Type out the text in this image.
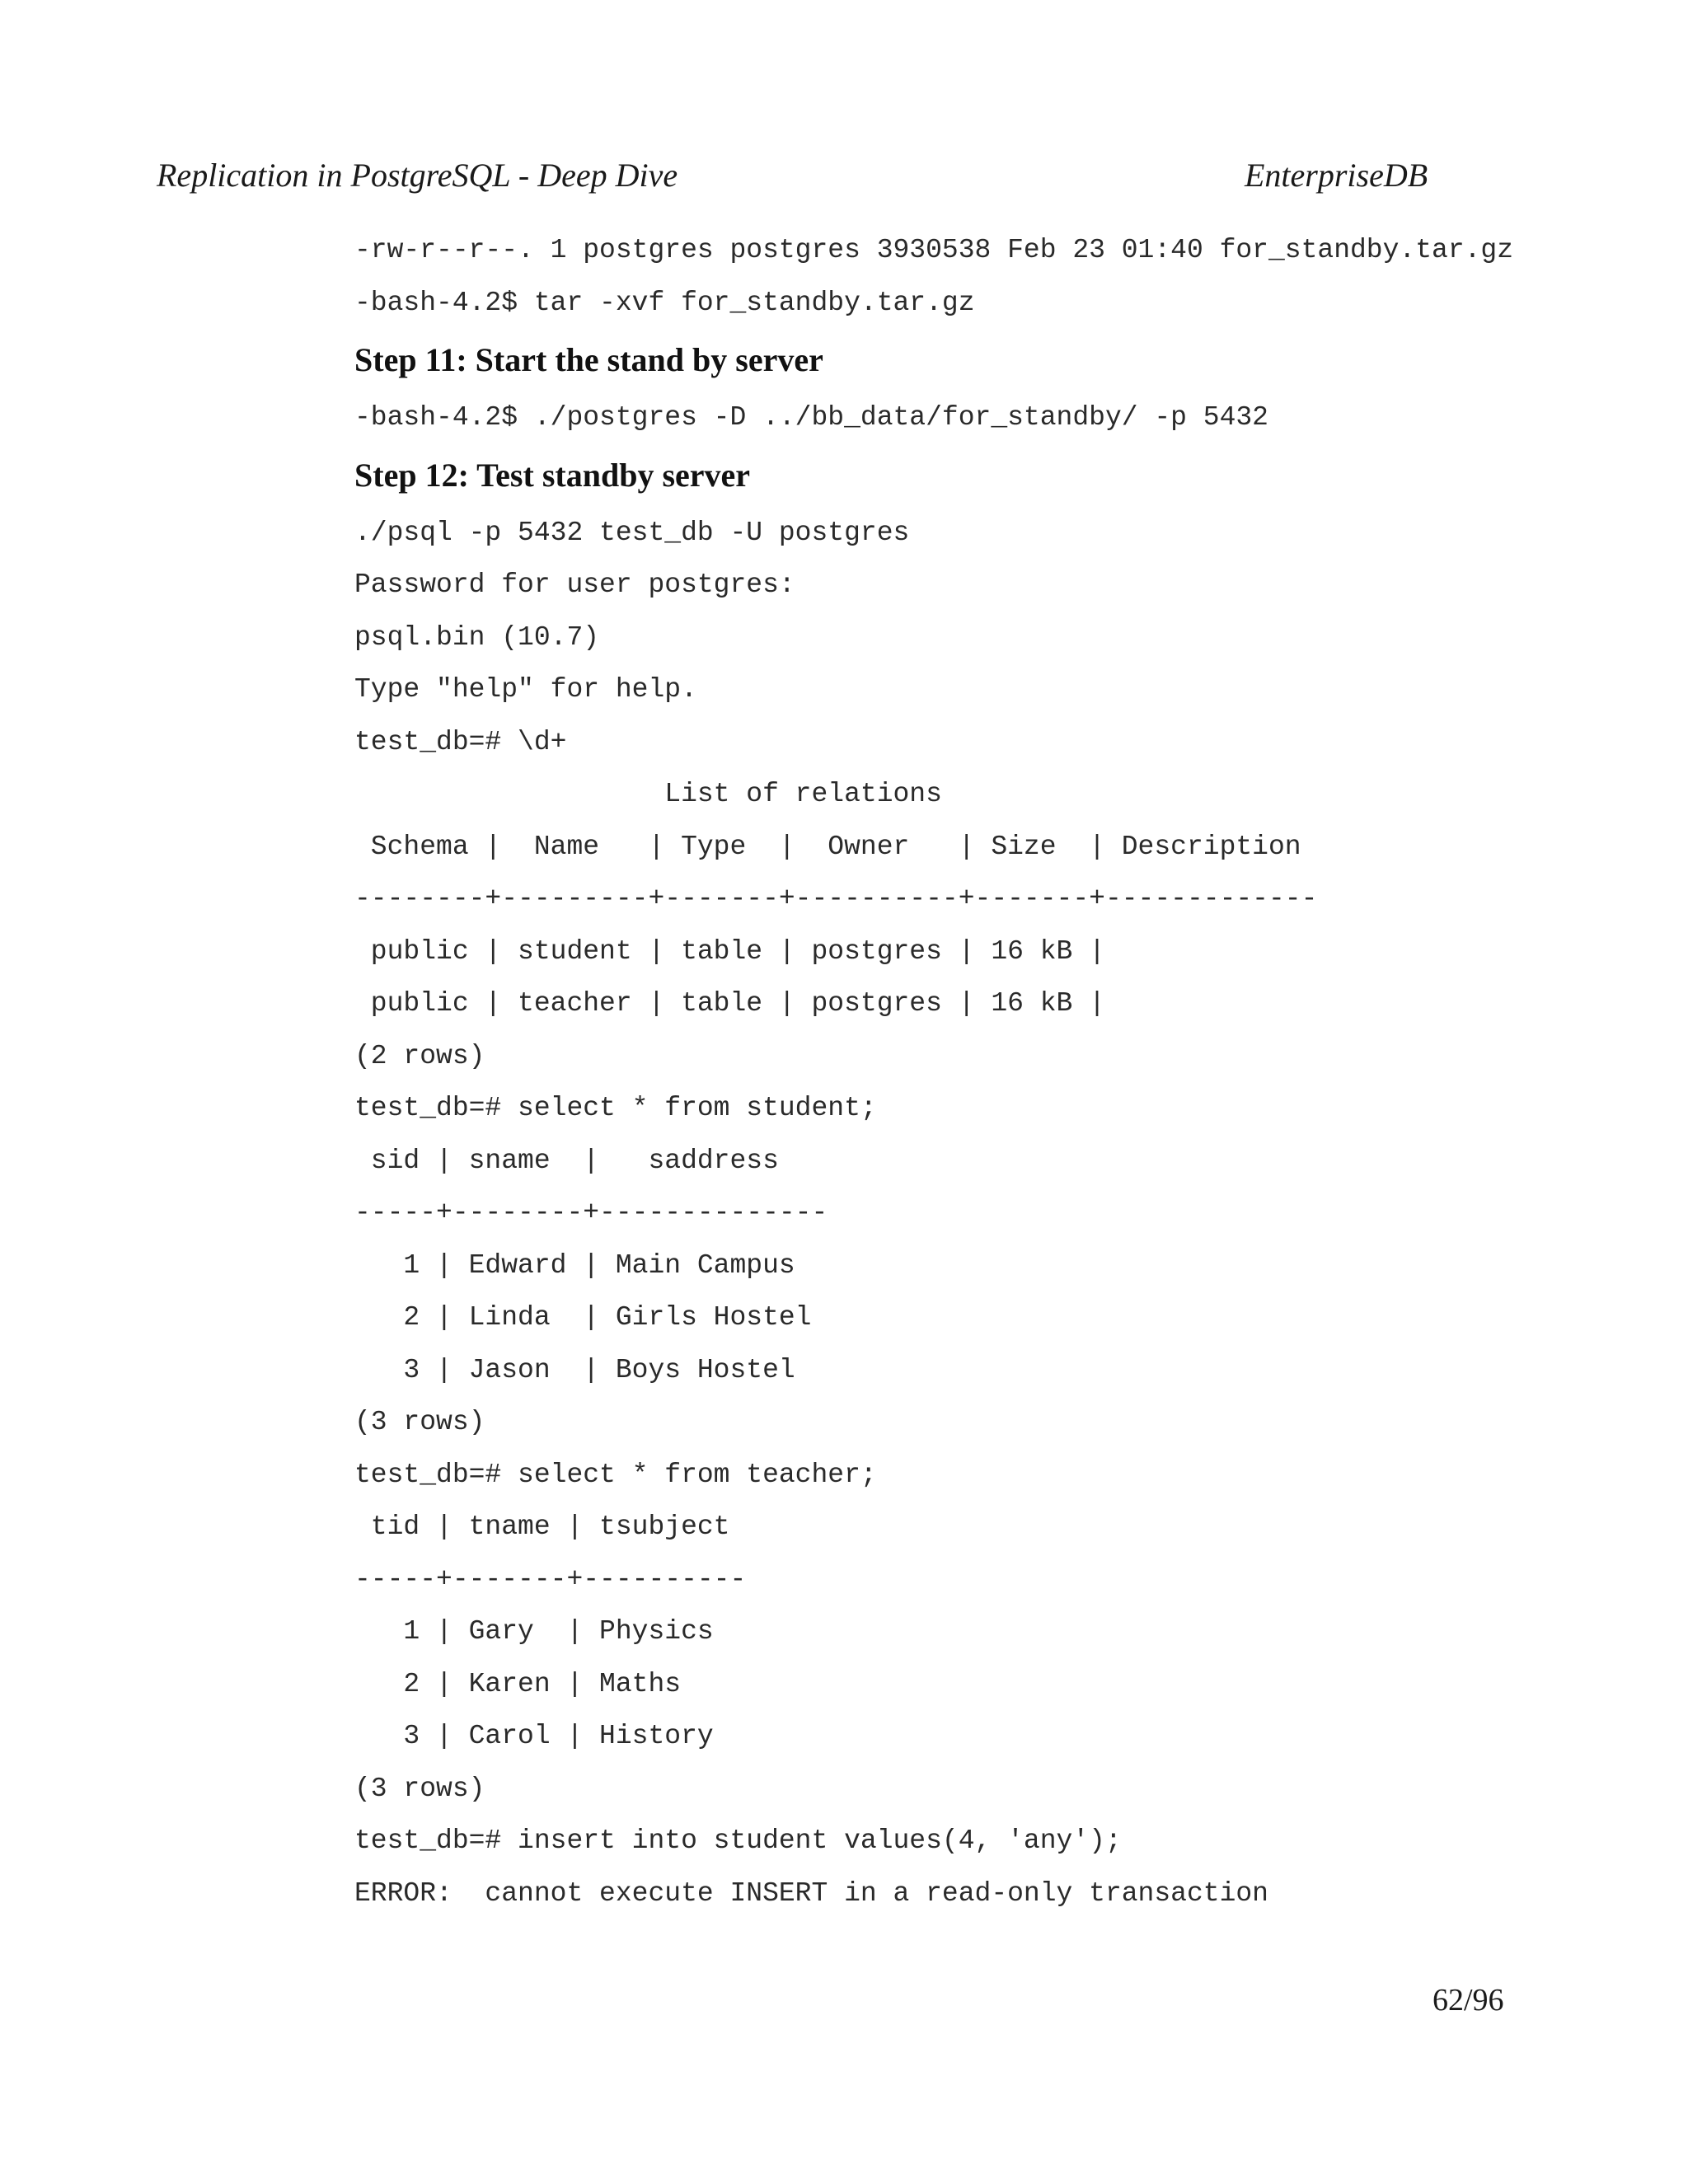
Replication in PostgreSQL - Deep Dive	EnterpriseDB
-rw-r--r--. 1 postgres postgres 3930538 Feb 23 01:40 for_standby.tar.gz
-bash-4.2$ tar -xvf for_standby.tar.gz
Step 11: Start the stand by server
-bash-4.2$ ./postgres -D ../bb_data/for_standby/ -p 5432
Step 12: Test standby server
./psql -p 5432 test_db -U postgres
Password for user postgres:
psql.bin (10.7)
Type "help" for help.
test_db=# \d+
List of relations
Schema |  Name   | Type  |  Owner   | Size  | Description
--------+---------+-------+----------+-------+-------------
public | student | table | postgres | 16 kB |
public | teacher | table | postgres | 16 kB |
(2 rows)
test_db=# select * from student;
sid | sname  |   saddress
-----+--------+--------------
1 | Edward | Main Campus
2 | Linda  | Girls Hostel
3 | Jason  | Boys Hostel
(3 rows)
test_db=# select * from teacher;
tid | tname | tsubject
-----+-------+----------
1 | Gary  | Physics
2 | Karen | Maths
3 | Carol | History
(3 rows)
test_db=# insert into student values(4, 'any');
ERROR:  cannot execute INSERT in a read-only transaction
62/96
